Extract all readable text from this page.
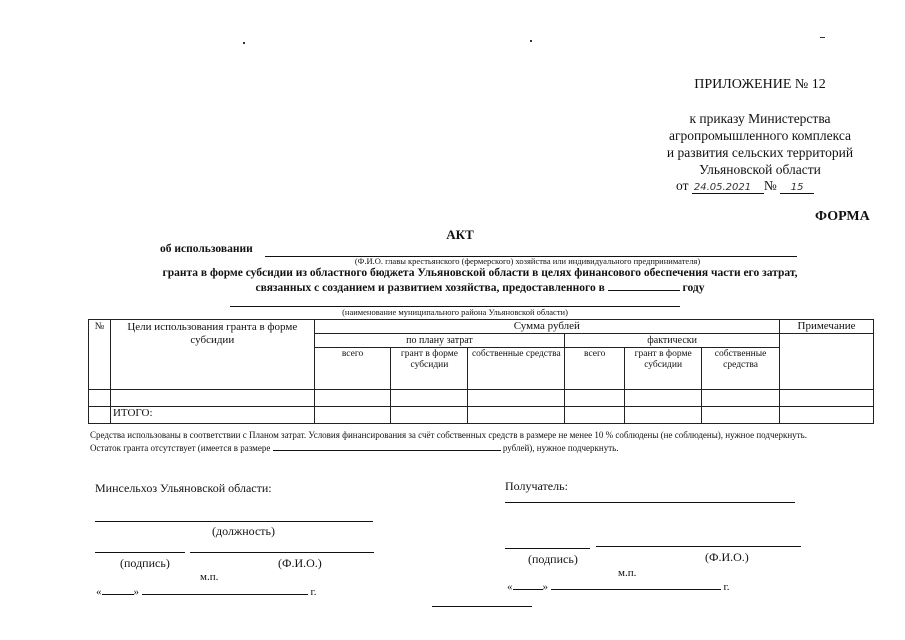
ПРИЛОЖЕНИЕ № 12
к приказу Министерства
агропромышленного комплекса
и развития сельских территорий
Ульяновской области
от 24.05.2021 № 15
ФОРМА
АКТ
об использовании
(Ф.И.О. главы крестьянского (фермерского) хозяйства или индивидуального предпринимателя)
гранта в форме субсидии из областного бюджета Ульяновской области в целях финансового обеспечения части его затрат,
связанных с созданием и развитием хозяйства, предоставленного в	году
(наименование муниципального района Ульяновской области)
№	Цели использования гранта в форме субсидии	Сумма рублей						Примечание
		по плану затрат			фактически			
		всего	грант в форме субсидии	собственные средства	всего	грант в форме субсидии	собственные средства	

	ИТОГО:							
Средства использованы в соответствии с Планом затрат. Условия финансирования за счёт собственных средств в размере не менее 10 % соблюдены (не соблюдены), нужное подчеркнуть.
Остаток гранта отсутствует (имеется в размере	рублей), нужное подчеркнуть.
Минсельхоз Ульяновской области:
(должность)
(подпись)	(Ф.И.О.)
м.п.
«	»	г.
Получатель:
(подпись)	(Ф.И.О.)
м.п.
«	»	г.
